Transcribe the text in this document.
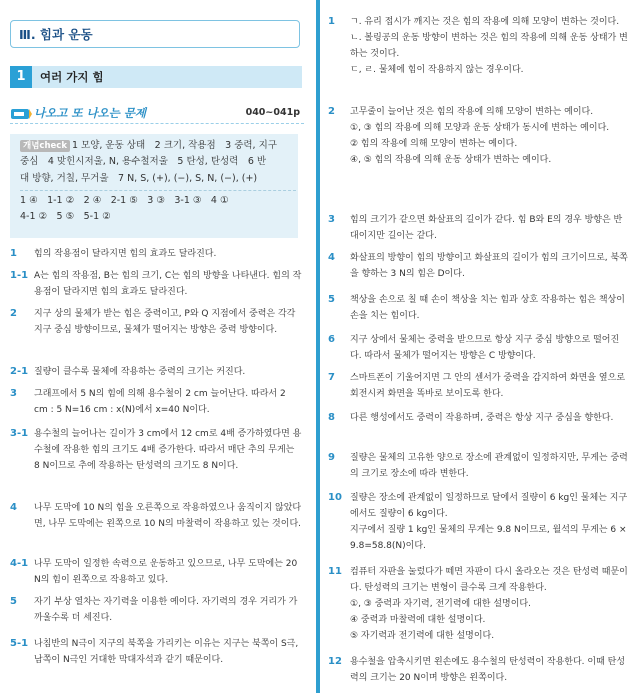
Ⅲ. 힘과 운동
1	여러 가지 힘
나오고 또 나오는 문제	040~041p
개념check 1 모양, 운동 상태　2 크기, 작용점　3 중력, 지구
중심　4 맞힌시저울, N, 용수철저울　5 탄성, 탄성력　6 반
대 방향, 거칠, 무거울　7 N, S, (+), (−), S, N, (−), (+)
1 ④　1-1 ②　2 ④　2-1 ⑤　3 ③　3-1 ③　4 ①
4-1 ②　5 ⑤　5-1 ②
1 힘의 작용점이 달라지면 힘의 효과도 달라진다.
1-1 A는 힘의 작용점, B는 힘의 크기, C는 힘의 방향을 나타낸다. 힘의 작용점이 달라지면 힘의 효과도 달라진다.
2 지구 상의 물체가 받는 힘은 중력이고, P와 Q 지점에서 중력은 각각 지구 중심 방향이므로, 물체가 떨어지는 방향은 중력 방향이다.
2-1 질량이 클수록 물체에 작용하는 중력의 크기는 커진다.
3 그래프에서 5 N의 힘에 의해 용수철이 2 cm 늘어난다. 따라서 2 cm : 5 N=16 cm : x(N)에서 x=40 N이다.
3-1 용수철의 늘어나는 길이가 3 cm에서 12 cm로 4배 증가하였다면 용수철에 작용한 힘의 크기도 4배 증가한다. 따라서 매단 추의 무게는 8 N이므로 추에 작용하는 탄성력의 크기도 8 N이다.
4 나무 도막에 10 N의 힘을 오른쪽으로 작용하였으나 움직이지 않았다면, 나무 도막에는 왼쪽으로 10 N의 마찰력이 작용하고 있는 것이다.
4-1 나무 도막이 일정한 속력으로 운동하고 있으므로, 나무 도막에는 20 N의 힘이 왼쪽으로 작용하고 있다.
5 자기 부상 열차는 자기력을 이용한 예이다. 자기력의 경우 거리가 가까울수록 더 세진다.
5-1 나침반의 N극이 지구의 북쪽을 가리키는 이유는 지구는 북쪽이 S극, 남쪽이 N극인 거대한 막대자석과 같기 때문이다.
1 ㄱ. 유리 접시가 깨지는 것은 힘의 작용에 의해 모양이 변하는 것이다.
ㄴ. 볼링공의 운동 방향이 변하는 것은 힘의 작용에 의해 운동 상태가 변하는 것이다.
ㄷ, ㄹ. 물체에 힘이 작용하지 않는 경우이다.
2 고무줄이 늘어난 것은 힘의 작용에 의해 모양이 변하는 예이다.
①, ③ 힘의 작용에 의해 모양과 운동 상태가 동시에 변하는 예이다.
② 힘의 작용에 의해 모양이 변하는 예이다.
④, ⑤ 힘의 작용에 의해 운동 상태가 변하는 예이다.
3 힘의 크기가 같으면 화살표의 길이가 같다. 힘 B와 E의 경우 방향은 반대이지만 길이는 같다.
4 화살표의 방향이 힘의 방향이고 화살표의 길이가 힘의 크기이므로, 북쪽을 향하는 3 N의 힘은 D이다.
5 책상을 손으로 칠 때 손이 책상을 치는 힘과 상호 작용하는 힘은 책상이 손을 치는 힘이다.
6 지구 상에서 물체는 중력을 받으므로 항상 지구 중심 방향으로 떨어진다. 따라서 물체가 떨어지는 방향은 C 방향이다.
7 스마트폰이 기울어지면 그 안의 센서가 중력을 감지하여 화면을 옆으로 회전시켜 화면을 똑바로 보이도록 한다.
8 다른 행성에서도 중력이 작용하며, 중력은 항상 지구 중심을 향한다.
9 질량은 물체의 고유한 양으로 장소에 관계없이 일정하지만, 무게는 중력의 크기로 장소에 따라 변한다.
10 질량은 장소에 관계없이 일정하므로 달에서 질량이 6 kg인 물체는 지구에서도 질량이 6 kg이다.
지구에서 질량 1 kg인 물체의 무게는 9.8 N이므로, 월석의 무게는 6 × 9.8=58.8(N)이다.
11 컴퓨터 자판을 눌렀다가 떼면 자판이 다시 올라오는 것은 탄성력 때문이다. 탄성력의 크기는 변형이 클수록 크게 작용한다.
①, ③ 중력과 자기력, 전기력에 대한 설명이다.
④ 중력과 마찰력에 대한 설명이다.
⑤ 자기력과 전기력에 대한 설명이다.
12 용수철을 압축시키면 왼손에도 용수철의 탄성력이 작용한다. 이때 탄성력의 크기는 20 N이며 방향은 왼쪽이다.
